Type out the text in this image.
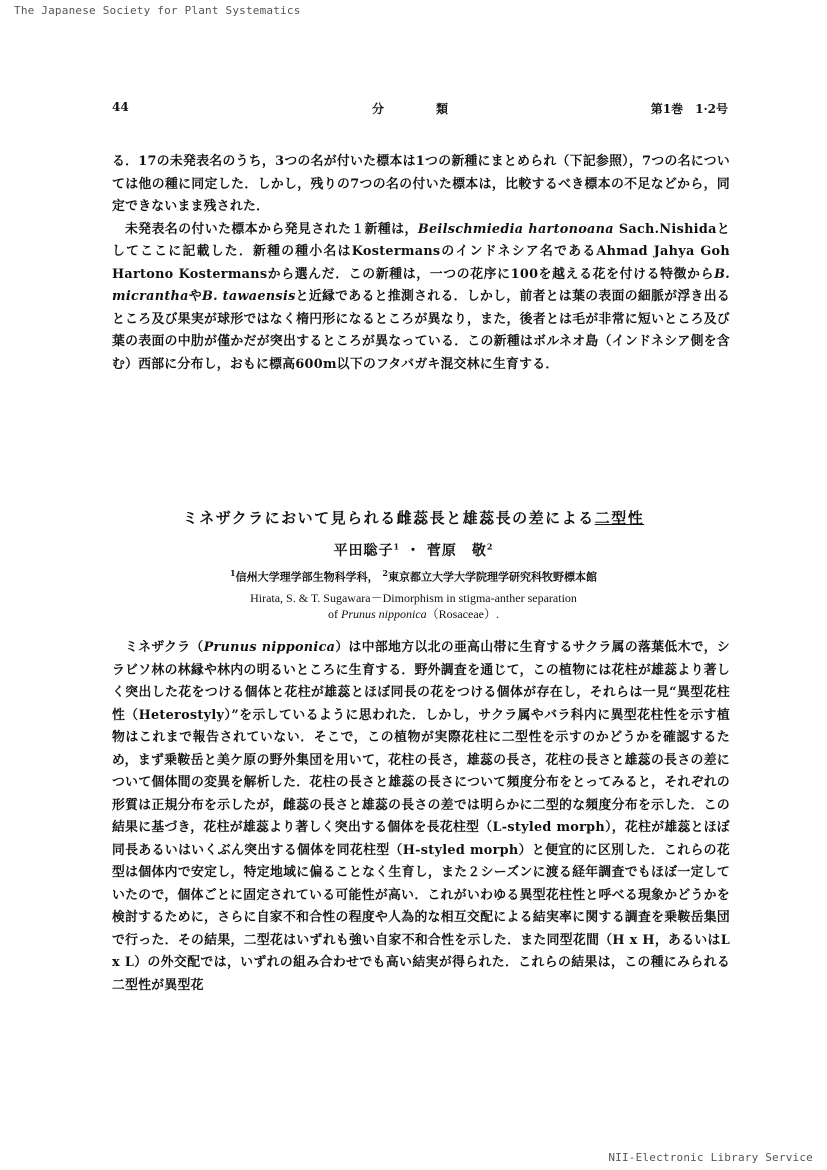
The Japanese Society for Plant Systematics
44	分　類	第1巻　1·2号

る．17の未発表名のうち，3つの名が付いた標本は1つの新種にまとめられ（下記参照），7つの名については他の種に同定した．しかし，残りの7つの名の付いた標本は，比較するべき標本の不足などから，同定できないまま残された．

未発表名の付いた標本から発見された１新種は，Beilschmiedia hartonoana Sach.Nishidaとしてここに記載した．新種の種小名はKostermansのインドネシア名であるAhmad Jahya Goh Hartono Kostermansから選んだ．この新種は，一つの花序に100を越える花を付ける特徴からB. micranthaやB. tawaensisと近縁であると推測される．しかし，前者とは葉の表面の細脈が浮き出るところ及び果実が球形ではなく楕円形になるところが異なり，また，後者とは毛が非常に短いところ及び葉の表面の中肋が僅かだが突出するところが異なっている．この新種はボルネオ島（インドネシア側を含む）西部に分布し，おもに標高600m以下のフタバガキ混交林に生育する．

ミネザクラにおいて見られる雌蕊長と雄蕊長の差による二型性
平田聡子$^1$ ・ 菅原　敬$^2$
$^1$信州大学理学部生物科学科， $^2$東京都立大学大学院理学研究科牧野標本館
Hirata, S. & T. Sugawara－Dimorphism in stigma-anther separation
of Prunus nipponica（Rosaceae）.

ミネザクラ（Prunus nipponica）は中部地方以北の亜高山帯に生育するサクラ属の落葉低木で，シラビソ林の林縁や林内の明るいところに生育する．野外調査を通じて，この植物には花柱が雄蕊より著しく突出した花をつける個体と花柱が雄蕊とほぼ同長の花をつける個体が存在し，それらは一見“異型花柱性（Heterostyly）”を示しているように思われた．しかし，サクラ属やバラ科内に異型花柱性を示す植物はこれまで報告されていない．そこで，この植物が実際花柱に二型性を示すのかどうかを確認するため，まず乗鞍岳と美ケ原の野外集団を用いて，花柱の長さ，雄蕊の長さ，花柱の長さと雄蕊の長さの差について個体間の変異を解析した．花柱の長さと雄蕊の長さについて頻度分布をとってみると，それぞれの形質は正規分布を示したが，雌蕊の長さと雄蕊の長さの差では明らかに二型的な頻度分布を示した．この結果に基づき，花柱が雄蕊より著しく突出する個体を長花柱型（L-styled morph），花柱が雄蕊とほぼ同長あるいはいくぶん突出する個体を同花柱型（H-styled morph）と便宜的に区別した．これらの花型は個体内で安定し，特定地域に偏ることなく生育し，また２シーズンに渡る経年調査でもほぼ一定していたので，個体ごとに固定されている可能性が高い．これがいわゆる異型花柱性と呼べる現象かどうかを検討するために，さらに自家不和合性の程度や人為的な相互交配による結実率に関する調査を乗鞍岳集団で行った．その結果，二型花はいずれも強い自家不和合性を示した．また同型花間（H x H，あるいはL x L）の外交配では，いずれの組み合わせでも高い結実が得られた．これらの結果は，この種にみられる二型性が異型花

NII-Electronic Library Service
